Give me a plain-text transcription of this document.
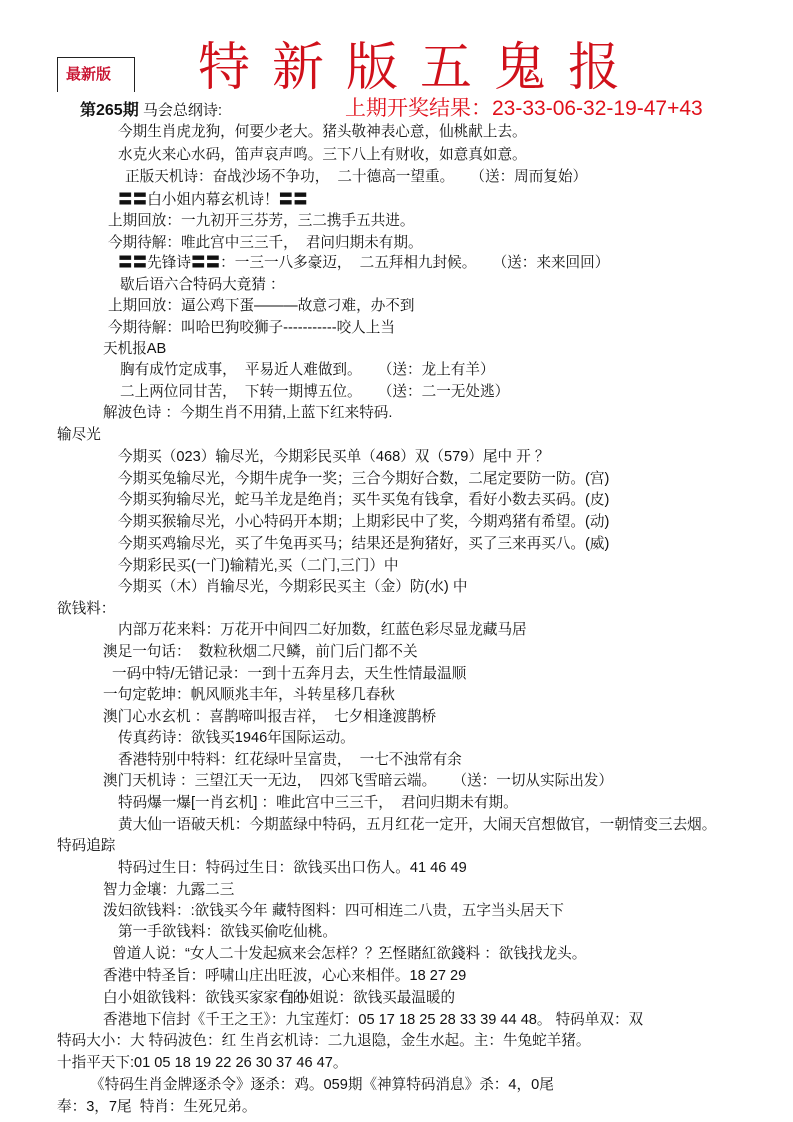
最新版 特新版五鬼报
第265期 马会总纲诗:	上期开奖结果：23-33-06-32-19-47+43
今期生肖虎龙狗，何要少老大。猪头敬神表心意，仙桃献上去。
水克火来心水码，笛声哀声鸣。三下八上有财收，如意真如意。
正版天机诗：奋战沙场不争功，  二十德高一望重。    （送：周而复始）
〓〓白小姐内幕玄机诗！〓〓
上期回放：一九初开三芬芳，三二携手五共进。
今期待解：唯此宫中三三千，  君问归期未有期。
〓〓先锋诗〓〓：一三一八多豪迈，  二五拜相九封候。    （送：来来回回）
歇后语六合特码大竟猜 ：
上期回放：逼公鸡下蛋———故意刁难，办不到
今期待解：叫哈巴狗咬狮子-----------咬人上当
天机报AB
胸有成竹定成事，  平易近人难做到。    （送：龙上有羊）
二上两位同甘苦，  下转一期博五位。    （送：二一无处逃）
解波色诗 ：今期生肖不用猜,上蓝下红来特码.
输尽光
今期买（023）输尽光，今期彩民买单（468）双（579）尾中 开 ？
今期买兔输尽光，今期牛虎争一奖；三合今期好合数，二尾定要防一防。(宫)
今期买狗输尽光，蛇马羊龙是绝肖；买牛买兔有钱拿，看好小数去买码。(皮)
今期买猴输尽光，小心特码开本期；上期彩民中了奖，今期鸡猪有希望。(动)
今期买鸡输尽光，买了牛兔再买马；结果还是狗猪好，买了三来再买八。(威)
今期彩民买(一门)输精光,买（二门,三门）中
今期买（木）肖输尽光，今期彩民买主（金）防(水) 中
欲钱料：
内部万花来料：万花开中间四二好加数，红蓝色彩尽显龙藏马居
澳足一句话：  数粒秋烟二尺鳞，前门后门都不关
一码中特/无错记录：一到十五奔月去，天生性情最温顺
一句定乾坤：帆风顺兆丰年，斗转星移几春秋
澳门心水玄机 ：喜鹊啼叫报吉祥，  七夕相逢渡鹊桥
传真药诗：欲钱买1946年国际运动。
香港特别中特料：红花绿叶呈富贵，  一七不浊常有余
澳门天机诗 ：三望江天一无边，  四郊飞雪暗云端。    （送：一切从实际出发）
特码爆一爆[一肖玄机] ：唯此宫中三三千，  君问归期未有期。
黄大仙一语破天机：今期蓝绿中特码，五月红花一定开，大闹天宫想做官，一朝情变三去烟。
特码追踪
特码过生日：特码过生日：欲钱买出口伤人。41 46 49
智力金壤：九露二三
泼妇欲钱料：:欲钱买今年 藏特图料：四可相连二八贵，五字当头居天下
第一手欲钱料：欲钱买偷吃仙桃。
曾道人说：“女人二十发起疯来会怎样？？？”
三怪賭紅欲錢料 ：欲钱找龙头。
香港中特圣旨：呼啸山庄出旺波，心心来相伴。18 27 29
白小姐欲钱料：欲钱买家家有的
白小姐说：欲钱买最温暖的
香港地下信封《千王之王》：九宝莲灯：05 17 18 25 28 33 39 44 48。 特码单双：双
特码大小：大 特码波色：红 生肖玄机诗：二九退隐，金生水起。主：牛兔蛇羊猪。
十指平天下:01 05 18 19 22 26 30 37 46 47。
《特码生肖金牌逐杀令》逐杀：鸡。059期《神算特码消息》杀：4，0尾
奉：3，7尾  特肖：生死兄弟。
